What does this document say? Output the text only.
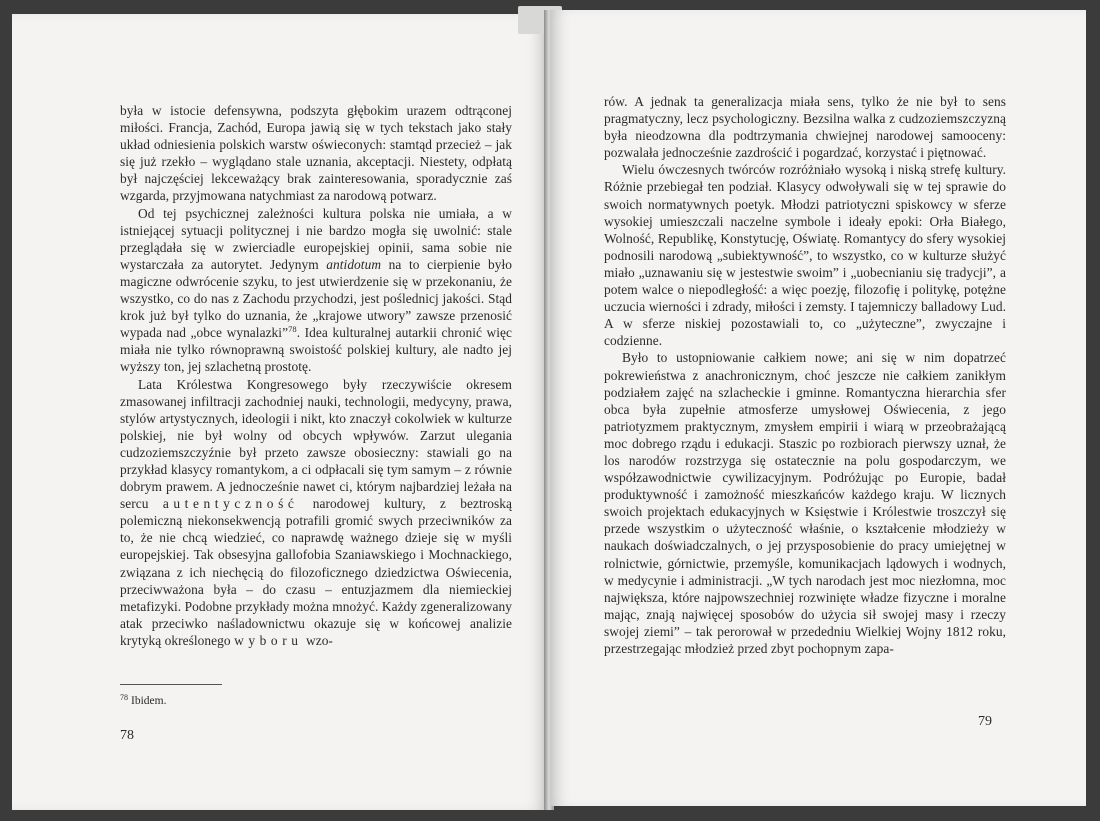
była w istocie defensywna, podszyta głębokim urazem odtrąconej miłości. Francja, Zachód, Europa jawią się w tych tekstach jako stały układ odniesienia polskich warstw oświeconych: stamtąd przecież – jak się już rzekło – wyglądano stale uznania, akceptacji. Niestety, odpłatą był najczęściej lekceważący brak zainteresowania, sporadycznie zaś wzgarda, przyjmowana natychmiast za narodową potwarz.

Od tej psychicznej zależności kultura polska nie umiała, a w istniejącej sytuacji politycznej i nie bardzo mogła się uwolnić: stale przeglądała się w zwierciadle europejskiej opinii, sama sobie nie wystarczała za autorytet. Jedynym antidotum na to cierpienie było magiczne odwrócenie szyku, to jest utwierdzenie się w przekonaniu, że wszystko, co do nas z Zachodu przychodzi, jest poślednicj jakości. Stąd krok już był tylko do uznania, że „krajowe utwory” zawsze przenosić wypada nad „obce wynalazki”$^{78}$. Idea kulturalnej autarkii chronić więc miała nie tylko równoprawną swoistość polskiej kultury, ale nadto jej wyższy ton, jej szlachetną prostotę.

Lata Królestwa Kongresowego były rzeczywiście okresem zmasowanej infiltracji zachodniej nauki, technologii, medycyny, prawa, stylów artystycznych, ideologii i nikt, kto znaczył cokolwiek w kulturze polskiej, nie był wolny od obcych wpływów. Zarzut ulegania cudzoziemszczyźnie był przeto zawsze obosieczny: stawiali go na przykład klasycy romantykom, a ci odpłacali się tym samym – z równie dobrym prawem. A jednocześnie nawet ci, którym najbardziej leżała na sercu autentyczność narodowej kultury, z beztroską polemiczną niekonsekwencją potrafili gromić swych przeciwników za to, że nie chcą wiedzieć, co naprawdę ważnego dzieje się w myśli europejskiej. Tak obsesyjna gallofobia Szaniawskiego i Mochnackiego, związana z ich niechęcią do filozoficznego dziedzictwa Oświecenia, przeciwważona była – do czasu – entuzjazmem dla niemieckiej metafizyki. Podobne przykłady można mnożyć. Każdy zgeneralizowany atak przeciwko naśladownictwu okazuje się w końcowej analizie krytyką określonego wyboru wzo-

$^{78}$ Ibidem.
78

rów. A jednak ta generalizacja miała sens, tylko że nie był to sens pragmatyczny, lecz psychologiczny. Bezsilna walka z cudzoziemszczyzną była nieodzowna dla podtrzymania chwiejnej narodowej samooceny: pozwalała jednocześnie zazdrościć i pogardzać, korzystać i piętnować.

Wielu ówczesnych twórców rozróżniało wysoką i niską strefę kultury. Różnie przebiegał ten podział. Klasycy odwoływali się w tej sprawie do swoich normatywnych poetyk. Młodzi patriotyczni spiskowcy w sferze wysokiej umieszczali naczelne symbole i ideały epoki: Orła Białego, Wolność, Republikę, Konstytucję, Oświatę. Romantycy do sfery wysokiej podnosili narodową „subiektywność”, to wszystko, co w kulturze służyć miało „uznawaniu się w jestestwie swoim” i „uobecnianiu się tradycji”, a potem walce o niepodległość: a więc poezję, filozofię i politykę, potężne uczucia wierności i zdrady, miłości i zemsty. I tajemniczy balladowy Lud. A w sferze niskiej pozostawiali to, co „użyteczne”, zwyczajne i codzienne.

Było to ustopniowanie całkiem nowe; ani się w nim dopatrzeć pokrewieństwa z anachronicznym, choć jeszcze nie całkiem zanikłym podziałem zajęć na szlacheckie i gminne. Romantyczna hierarchia sfer obca była zupełnie atmosferze umysłowej Oświecenia, z jego patriotyzmem praktycznym, zmysłem empirii i wiarą w przeobrażającą moc dobrego rządu i edukacji. Staszic po rozbiorach pierwszy uznał, że los narodów rozstrzyga się ostatecznie na polu gospodarczym, we współzawodnictwie cywilizacyjnym. Podróżując po Europie, badał produktywność i zamożność mieszkańców każdego kraju. W licznych swoich projektach edukacyjnych w Księstwie i Królestwie troszczył się przede wszystkim o użyteczność właśnie, o kształcenie młodzieży w naukach doświadczalnych, o jej przysposobienie do pracy umiejętnej w rolnictwie, górnictwie, przemyśle, komunikacjach lądowych i wodnych, w medycynie i administracji. „W tych narodach jest moc niezłomna, moc największa, które najpowszechniej rozwinięte władze fizyczne i moralne mając, znają najwięcej sposobów do użycia sił swojej masy i rzeczy swojej ziemi” – tak perorował w przededniu Wielkiej Wojny 1812 roku, przestrzegając młodzież przed zbyt pochopnym zapa-

79
